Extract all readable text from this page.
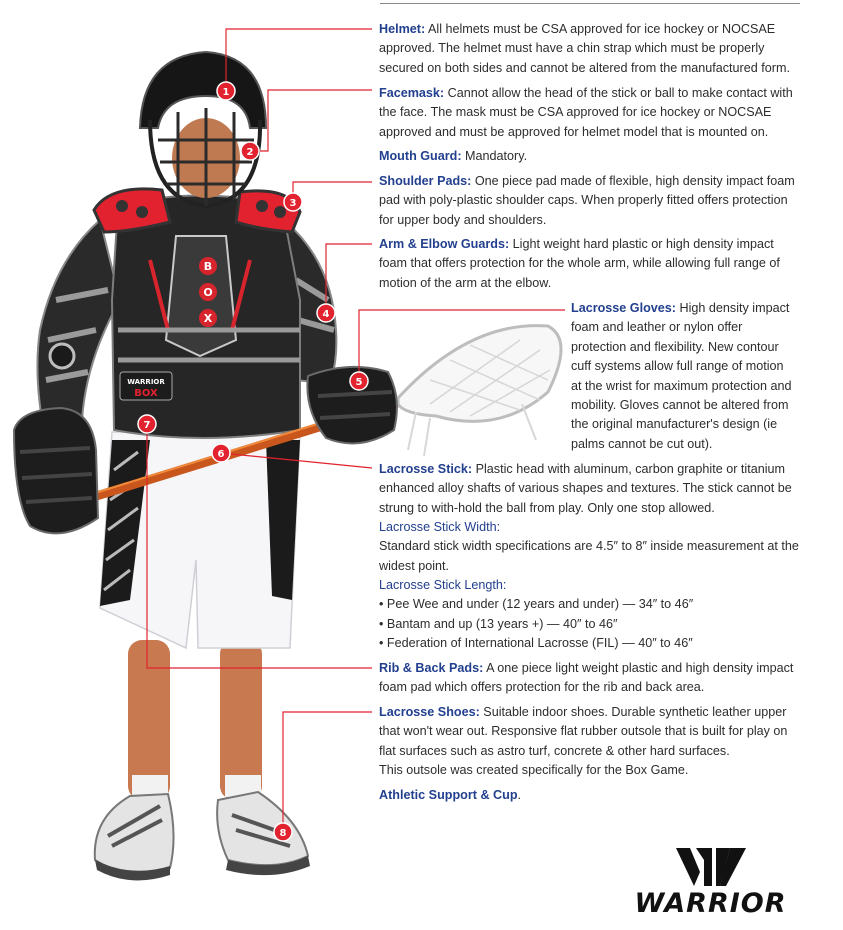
WARRIOR
BOX
B
O
X
1
2
3
4
5
6
7
8
WARRIOR
Helmet: All helmets must be CSA approved for ice hockey or NOCSAE approved. The helmet must have a chin strap which must be properly secured on both sides and cannot be altered from the manufactured form.
Facemask: Cannot allow the head of the stick or ball to make contact with the face. The mask must be CSA approved for ice hockey or NOCSAE approved and must be approved for helmet model that is mounted on.
Mouth Guard: Mandatory.
Shoulder Pads: One piece pad made of flexible, high density impact foam pad with poly-plastic shoulder caps. When properly fitted offers protection for upper body and shoulders.
Arm & Elbow Guards: Light weight hard plastic or high density impact foam that offers protection for the whole arm, while allowing full range of motion of the arm at the elbow.
Lacrosse Gloves: High density impact foam and leather or nylon offer protection and flexibility. New contour cuff systems allow full range of motion at the wrist for maximum protection and mobility. Gloves cannot be altered from the original manufacturer's design (ie palms cannot be cut out).
Lacrosse Stick: Plastic head with aluminum, carbon graphite or titanium enhanced alloy shafts of various shapes and textures. The stick cannot be strung to with-hold the ball from play. Only one stop allowed.
Lacrosse Stick Width:
Standard stick width specifications are 4.5″ to 8″ inside measurement at the widest point.
Lacrosse Stick Length:
• Pee Wee and under (12 years and under) — 34″ to 46″
• Bantam and up (13 years +) — 40″ to 46″
• Federation of International Lacrosse (FIL) — 40″ to 46″
Rib & Back Pads: A one piece light weight plastic and high density impact foam pad which offers protection for the rib and back area.
Lacrosse Shoes: Suitable indoor shoes. Durable synthetic leather upper that won't wear out. Responsive flat rubber outsole that is built for play on flat surfaces such as astro turf, concrete & other hard surfaces.
This outsole was created specifically for the Box Game.
Athletic Support & Cup.
